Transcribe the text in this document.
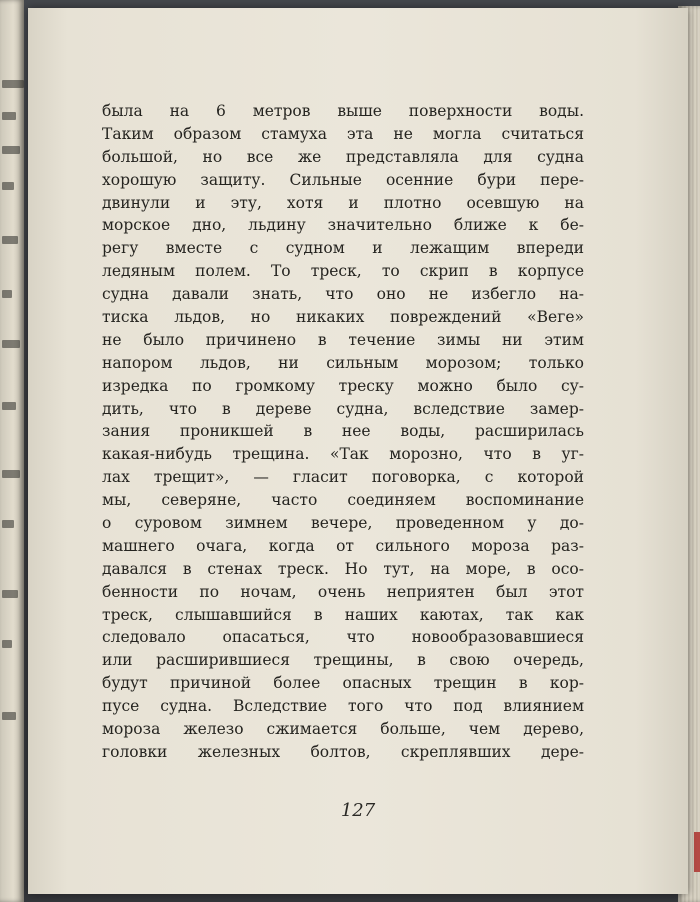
была на 6 метров выше поверхности воды.
Таким образом стамуха эта не могла считаться
большой, но все же представляла для судна
хорошую защиту. Сильные осенние бури пере-
двинули и эту, хотя и плотно осевшую на
морское дно, льдину значительно ближе к бе-
регу вместе с судном и лежащим впереди
ледяным полем. То треск, то скрип в корпусе
судна давали знать, что оно не избегло на-
тиска льдов, но никаких повреждений «Веге»
не было причинено в течение зимы ни этим
напором льдов, ни сильным морозом; только
изредка по громкому треску можно было су-
дить, что в дереве судна, вследствие замер-
зания проникшей в нее воды, расширилась
какая-нибудь трещина. «Так морозно, что в уг-
лах трещит», — гласит поговорка, с которой
мы, северяне, часто соединяем воспоминание
о суровом зимнем вечере, проведенном у до-
машнего очага, когда от сильного мороза раз-
давался в стенах треск. Но тут, на море, в осо-
бенности по ночам, очень неприятен был этот
треск, слышавшийся в наших каютах, так как
следовало опасаться, что новообразовавшиеся
или расширившиеся трещины, в свою очередь,
будут причиной более опасных трещин в кор-
пусе судна. Вследствие того что под влиянием
мороза железо сжимается больше, чем дерево,
головки железных болтов, скреплявших дере-
127
